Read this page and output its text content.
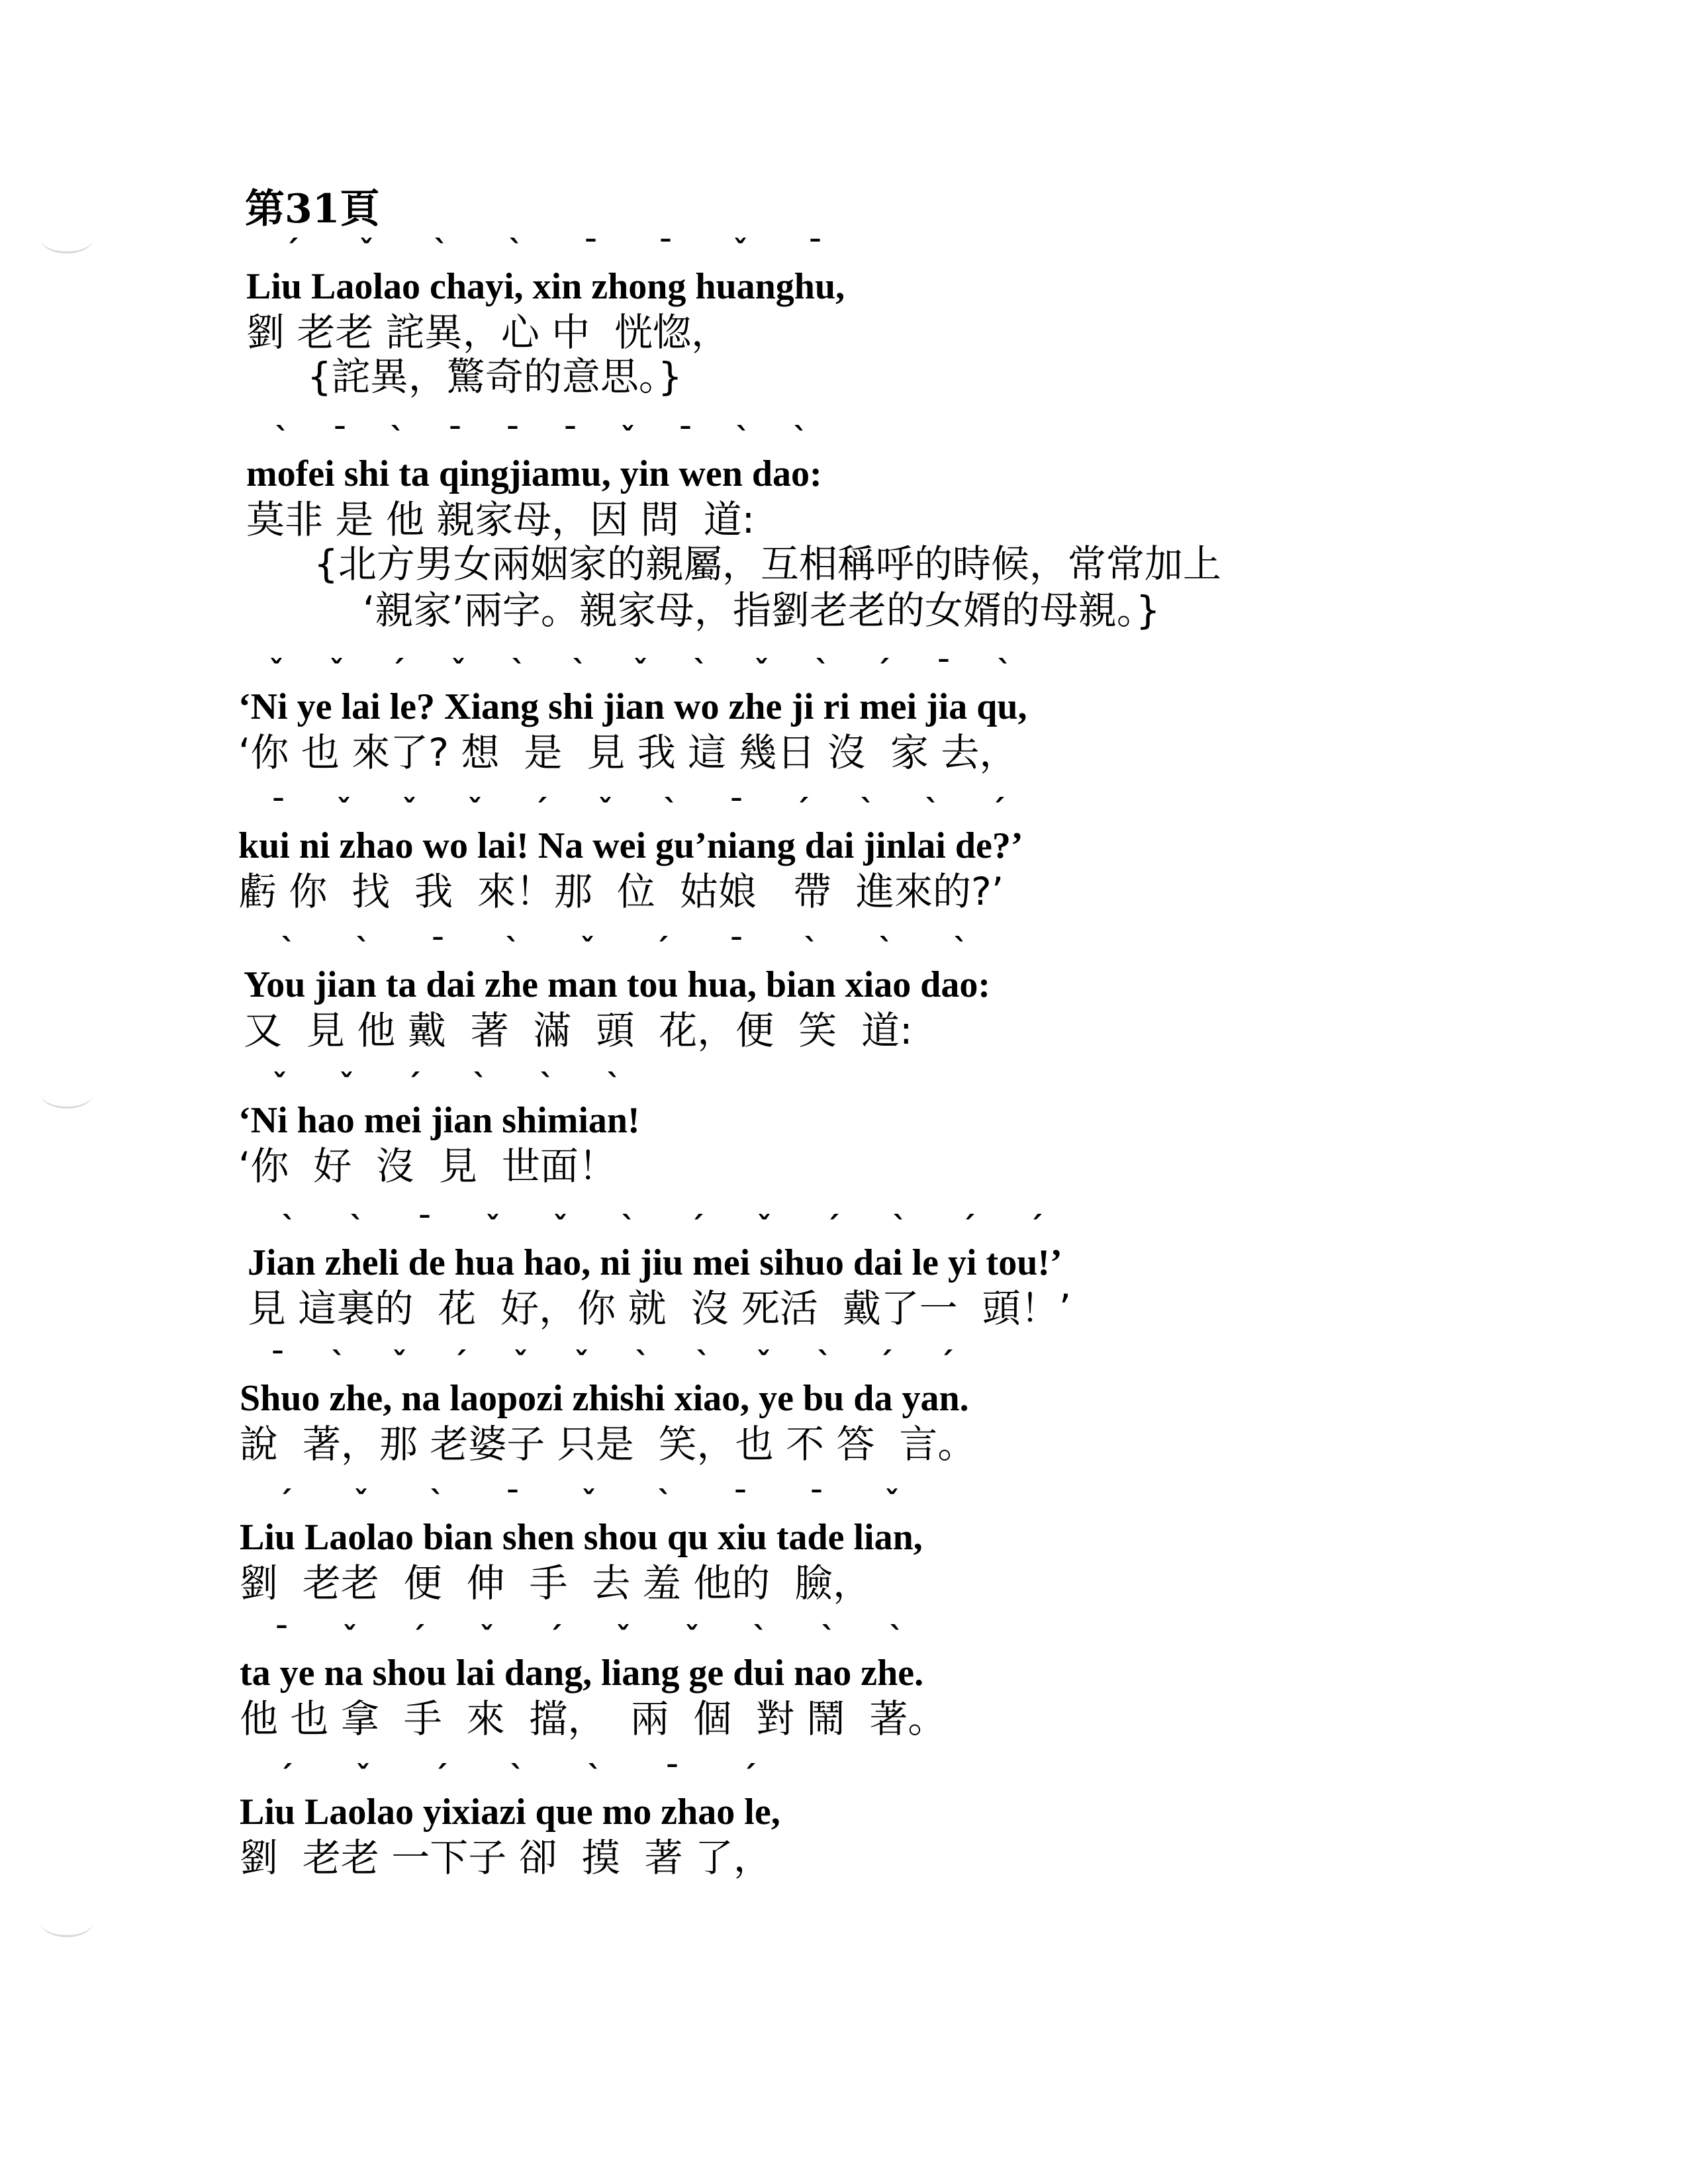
第31頁
ˊ ˇ ˋ ˋ ˉ ˉ ˇ ˉ
Liu Laolao chayi, xin zhong huanghu,
劉 老老 詫異，心 中  恍惚，
{詫異，驚奇的意思。}
ˋ ˉ ˋ ˉ ˉ ˉ ˇ ˉ ˋ ˋ
mofei shi ta qingjiamu, yin wen dao:
莫非 是 他 親家母，因 問  道:
{北方男女兩姻家的親屬，互相稱呼的時候，常常加上
‘親家’兩字。親家母，指劉老老的女婿的母親。}
ˇ ˇ ˊ ˇ ˋ ˋ ˇ ˋ ˇ ˋ ˊ ˉ ˋ
‘Ni ye lai le? Xiang shi jian wo zhe ji ri mei jia qu,
‘你 也 來了? 想  是  見 我 這 幾日 沒  家 去，
ˉ ˇ ˇ ˇ ˊ ˇ ˋ ˉ ˊ ˋ ˋ ˊ
kui ni zhao wo lai! Na wei gu’niang dai jinlai de?’
虧 你  找  我  來！那  位  姑娘   帶  進來的?’
ˋ ˋ ˉ ˋ ˇ ˊ ˉ ˋ ˋ ˋ
You jian ta dai zhe man tou hua, bian xiao dao:
又  見 他 戴  著  滿  頭  花，便  笑  道:
ˇ ˇ ˊ ˋ ˋ ˋ
‘Ni hao mei jian shimian!
‘你  好  沒  見  世面！
ˋ ˋ ˉ ˇ ˇ ˋ ˊ ˇ ˊ ˋ ˊ ˊ
Jian zheli de hua hao, ni jiu mei sihuo dai le yi tou!’
見 這裏的  花  好，你 就  沒 死活  戴了一  頭！’
ˉ ˋ ˇ ˊ ˇ ˇ ˋ ˋ ˇ ˋ ˊ ˊ
Shuo zhe, na laopozi zhishi xiao, ye bu da yan.
說  著，那 老婆子 只是  笑，也 不 答  言。
ˊ ˇ ˋ ˉ ˇ ˋ ˉ ˉ ˇ
Liu Laolao bian shen shou qu xiu tade lian,
劉  老老  便  伸  手  去 羞 他的  臉，
ˉ ˇ ˊ ˇ ˊ ˇ ˇ ˋ ˋ ˋ
ta ye na shou lai dang, liang ge dui nao zhe.
他 也 拿  手  來  擋，  兩  個  對 鬧  著。
ˊ ˇ ˊ ˋ ˋ ˉ ˊ
Liu Laolao yixiazi que mo zhao le,
劉  老老 一下子 卻  摸  著 了，
